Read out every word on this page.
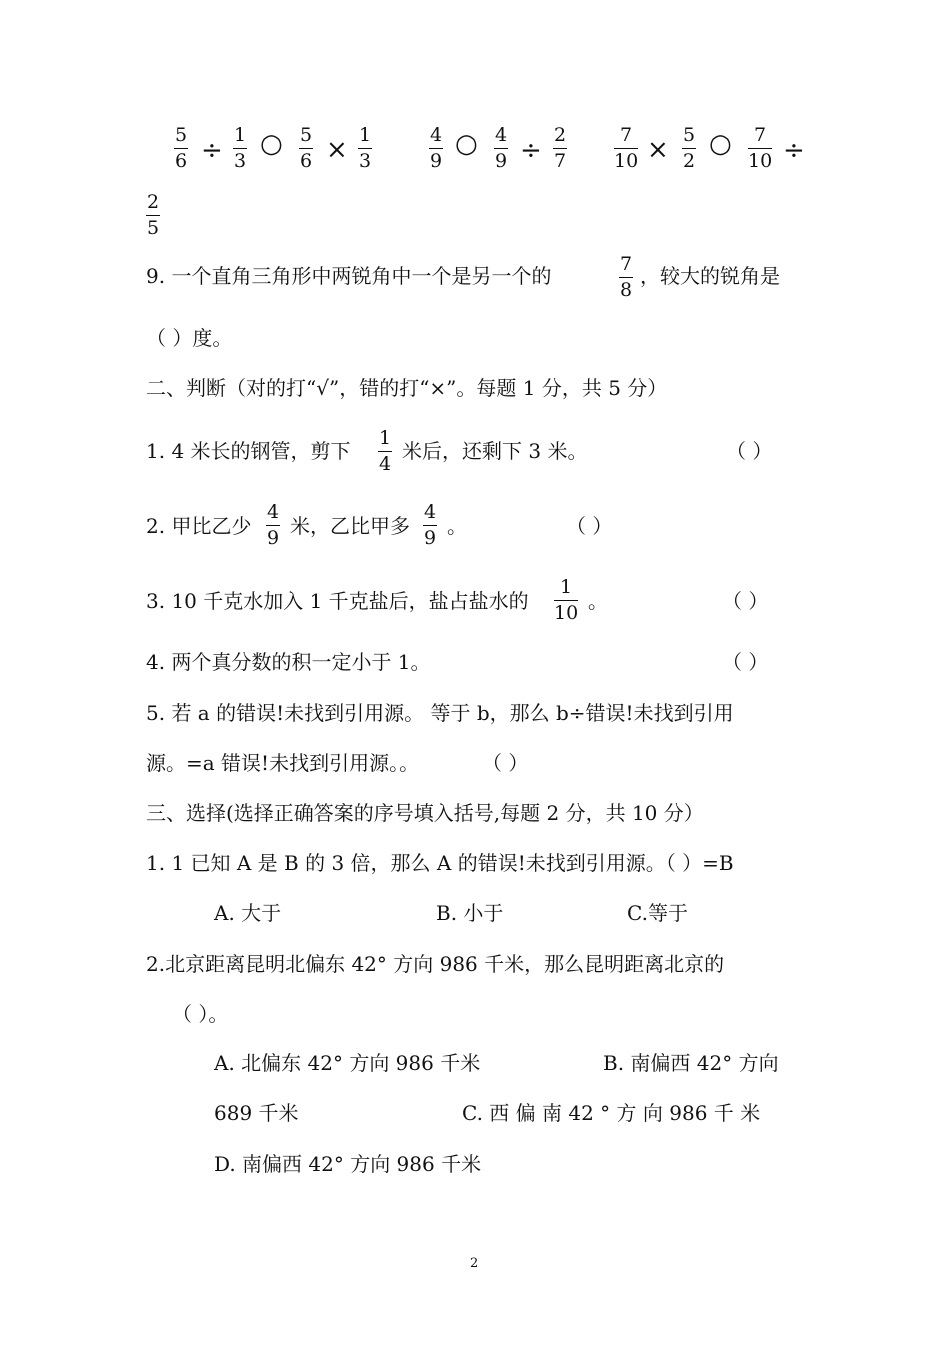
5
6 ÷
1
3
○ 5
6 × 1
3
4
9
○ 4
9 ÷
2
7
7
10 × 5
2
○	7
10 ÷
2
5
9. 一个直角三角形中两锐角中一个是另一个的	7
8
，较大的锐角是
（ ）度。
二、判断（对的打“√”，错的打“×”。每题 1 分，共 5 分）
1. 4 米长的钢管，剪下
1
4
米后，还剩下 3 米。	（ ）
2. 甲比乙少
4
9 米，乙比甲多
4
9 。	（ ）
3. 10 千克水加入 1 千克盐后，盐占盐水的
1
10 。	（ ）
4. 两个真分数的积一定小于 1。	（ ）
5. 若 a 的错误!未找到引用源。 等于 b，那么 b÷错误!未找到引用
源。=a 错误!未找到引用源。。	（ ）
三、选择(选择正确答案的序号填入括号,每题 2 分，共 10 分）
1. 1 已知 A 是 B 的 3 倍，那么 A 的错误!未找到引用源。（ ）=B
A. 大于	B. 小于	C.等于
2.北京距离昆明北偏东 42° 方向 986 千米，那么昆明距离北京的
（ ）。
A. 北偏东 42° 方向 986 千米	B. 南偏西 42° 方向
689 千米	C. 西 偏 南 42 ° 方 向 986 千 米
D. 南偏西 42° 方向 986 千米
2
